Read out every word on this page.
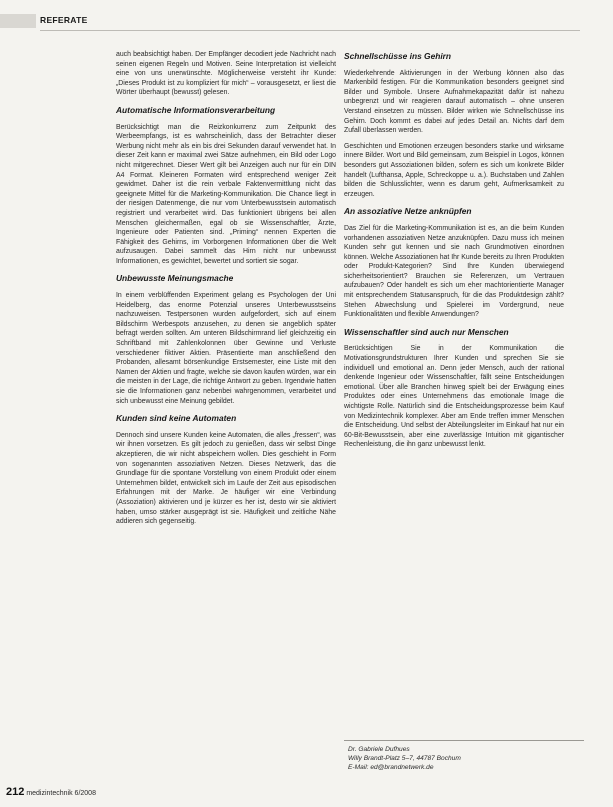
REFERATE

auch beabsichtigt haben. Der Empfänger decodiert jede Nachricht nach seinen eigenen Regeln und Motiven. Seine Interpretation ist vielleicht eine von uns unerwünschte. Möglicherweise versteht ihr Kunde: „Dieses Produkt ist zu kompliziert für mich“ – vorausgesetzt, er liest die Wörter überhaupt (bewusst) gelesen.

Automatische Informationsverarbeitung

Berücksichtigt man die Reizkonkurrenz zum Zeitpunkt des Werbeempfangs, ist es wahrscheinlich, dass der Betrachter dieser Werbung nicht mehr als ein bis drei Sekunden darauf verwendet hat. In dieser Zeit kann er maximal zwei Sätze aufnehmen, ein Bild oder Logo nicht mitgerechnet. Dieser Wert gilt bei Anzeigen auch nur für ein DIN A4 Format. Kleineren Formaten wird entsprechend weniger Zeit gewidmet. Daher ist die rein verbale Faktenvermittlung nicht das geeignete Mittel für die Marketing-Kommunikation. Die Chance liegt in der riesigen Datenmenge, die nur vom Unterbewusstsein automatisch registriert und verarbeitet wird. Das funktioniert übrigens bei allen Menschen gleichermaßen, egal ob sie Wissenschaftler, Ärzte, Ingenieure oder Patienten sind. „Priming“ nennen Experten die Fähigkeit des Gehirns, im Vorborgenen Informationen über die Welt aufzusaugen. Dabei sammelt das Hirn nicht nur unbewusst Informationen, es gewichtet, bewertet und sortiert sie sogar.

Unbewusste Meinungsmache

In einem verblüffenden Experiment gelang es Psychologen der Uni Heidelberg, das enorme Potenzial unseres Unterbewusstseins nachzuweisen. Testpersonen wurden aufgefordert, sich auf einem Bildschirm Werbespots anzusehen, zu denen sie angeblich später befragt werden sollten. Am unteren Bildschirmrand lief gleichzeitig ein Schriftband mit Zahlenkolonnen über Gewinne und Verluste verschiedener fiktiver Aktien. Präsentierte man anschließend den Probanden, allesamt börsenkundige Erstsemester, eine Liste mit den Namen der Aktien und fragte, welche sie davon kaufen würden, war ein die meisten in der Lage, die richtige Antwort zu geben. Irgendwie hatten sie die Informationen ganz nebenbei wahrgenommen, verarbeitet und sich unbewusst eine Meinung gebildet.

Kunden sind keine Automaten

Dennoch sind unsere Kunden keine Automaten, die alles „fressen“, was wir ihnen vorsetzen. Es gilt jedoch zu genießen, dass wir selbst Dinge akzeptieren, die wir nicht abspeichern wollen. Dies geschieht in Form von sogenannten assoziativen Netzen. Dieses Netzwerk, das die Grundlage für die spontane Vorstellung von einem Produkt oder einem Unternehmen bildet, entwickelt sich im Laufe der Zeit aus episodischen Erfahrungen mit der Marke. Je häufiger wir eine Verbindung (Assoziation) aktivieren und je kürzer es her ist, desto wir sie aktiviert haben, umso stärker ausgeprägt ist sie. Häufigkeit und zeitliche Nähe addieren sich gegenseitig.

Schnellschüsse ins Gehirn

Wiederkehrende Aktivierungen in der Werbung können also das Markenbild festigen. Für die Kommunikation besonders geeignet sind Bilder und Symbole. Unsere Aufnahmekapazität dafür ist nahezu unbegrenzt und wir reagieren darauf automatisch – ohne unseren Verstand einsetzen zu müssen. Bilder wirken wie Schnellschüsse ins Gehirn. Doch kommt es dabei auf jedes Detail an. Nichts darf dem Zufall überlassen werden.

Geschichten und Emotionen erzeugen besonders starke und wirksame innere Bilder. Wort und Bild gemeinsam, zum Beispiel in Logos, können besonders gut Assoziationen bilden, sofern es sich um konkrete Bilder handelt (Lufthansa, Apple, Schreckoppe u. a.). Buchstaben und Zahlen bilden die Schlusslichter, wenn es darum geht, Aufmerksamkeit zu erzeugen.

An assoziative Netze anknüpfen

Das Ziel für die Marketing-Kommunikation ist es, an die beim Kunden vorhandenen assoziativen Netze anzuknüpfen. Dazu muss ich meinen Kunden sehr gut kennen und sie nach Grundmotiven einordnen können. Welche Assoziationen hat Ihr Kunde bereits zu Ihren Produkten oder Produkt-Kategorien? Sind Ihre Kunden überwiegend sicherheitsorientiert? Brauchen sie Referenzen, um Vertrauen aufzubauen? Oder handelt es sich um eher machtorientierte Manager mit entsprechendem Statusanspruch, für die das Produktdesign zählt? Stehen Abwechslung und Spielerei im Vordergrund, neue Funktionalitäten und flexible Anwendungen?

Wissenschaftler sind auch nur Menschen

Berücksichtigen Sie in der Kommunikation die Motivationsgrundstrukturen Ihrer Kunden und sprechen Sie sie individuell und emotional an. Denn jeder Mensch, auch der rational denkende Ingenieur oder Wissenschaftler, fällt seine Entscheidungen emotional. Über alle Branchen hinweg spielt bei der Erwägung eines Produktes oder eines Unternehmens das emotionale Image die wichtigste Rolle. Natürlich sind die Entscheidungsprozesse beim Kauf von Medizintechnik komplexer. Aber am Ende treffen immer Menschen die Entscheidung. Und selbst der Abteilungsleiter im Einkauf hat nur ein 60-Bit-Bewusstsein, aber eine zuverlässige Intuition mit gigantischer Rechenleistung, die ihn ganz unbewusst lenkt.

Dr. Gabriele Dufhues
Willy Brandt-Platz 5–7, 44787 Bochum
E-Mail: ed@brandnetwerk.de
212 medizintechnik 6/2008
